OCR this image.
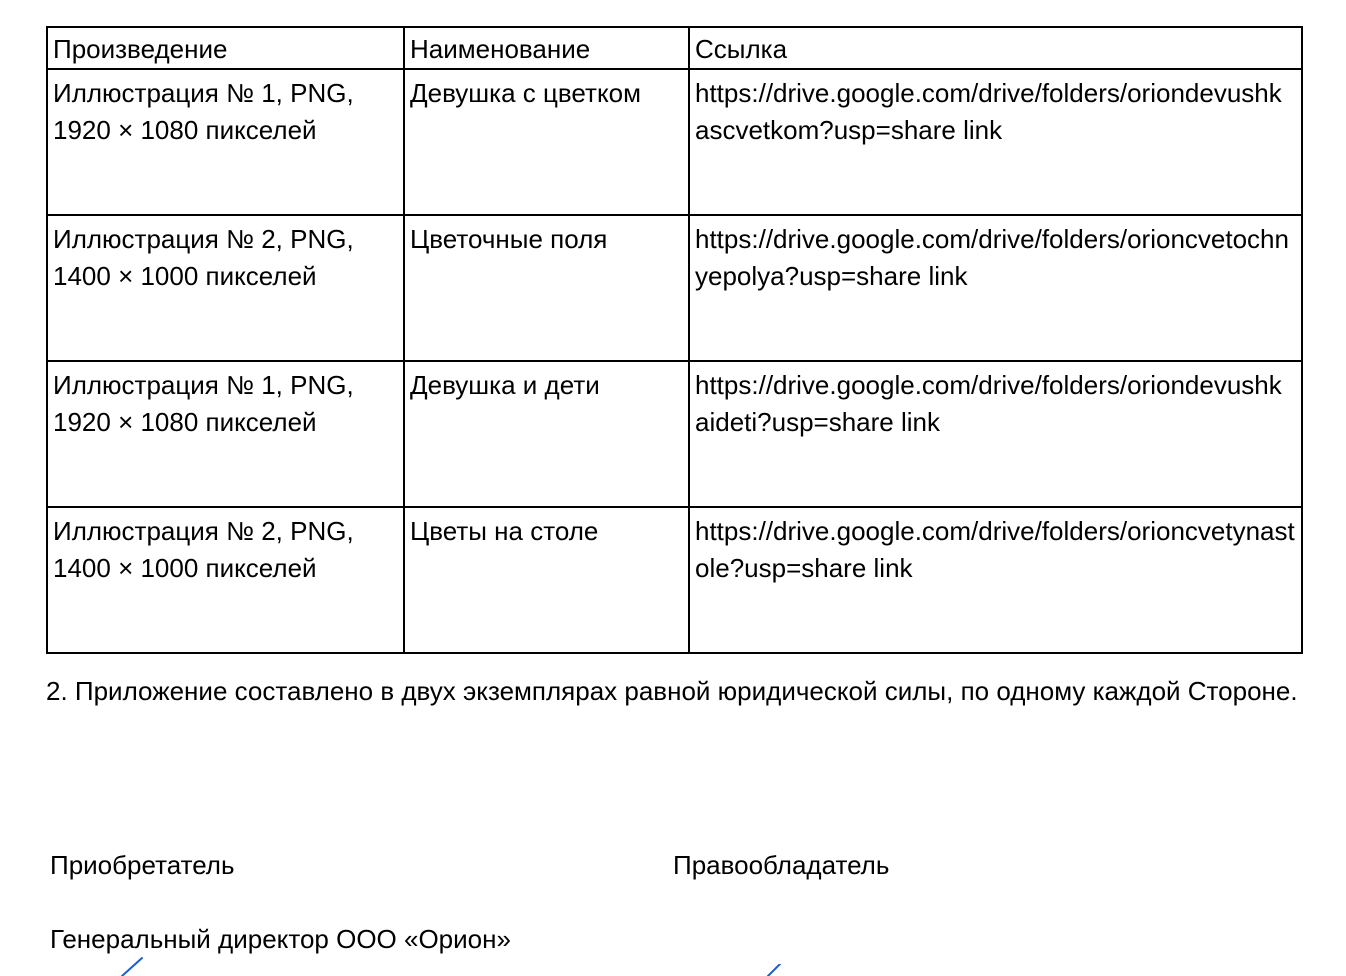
Произведение	Наименование	Ссылка
Иллюстрация № 1, PNG, 1920 × 1080 пикселей	Девушка с цветком	https://drive.google.com/drive/folders/oriondevushkascvetkom?usp=share link
Иллюстрация № 2, PNG, 1400 × 1000 пикселей	Цветочные поля	https://drive.google.com/drive/folders/orioncvetochnyepolya?usp=share link
Иллюстрация № 1, PNG, 1920 × 1080 пикселей	Девушка и дети	https://drive.google.com/drive/folders/oriondevushkaideti?usp=share link
Иллюстрация № 2, PNG, 1400 × 1000 пикселей	Цветы на столе	https://drive.google.com/drive/folders/orioncvetynastole?usp=share link
2. Приложение составлено в двух экземплярах равной юридической силы, по одному каждой Стороне.
Приобретатель	Правообладатель
Генеральный директор ООО «Орион»
